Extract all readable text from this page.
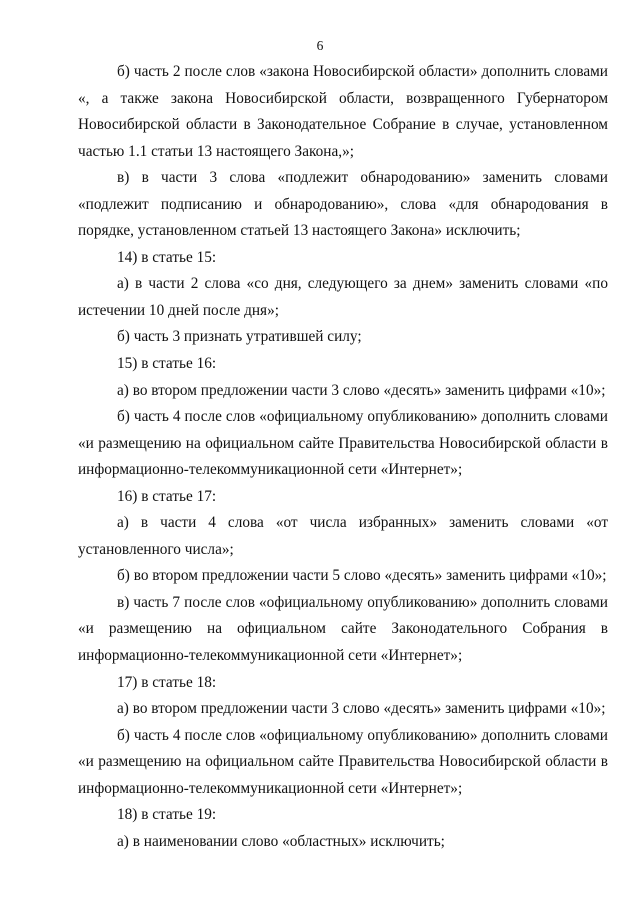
6

б) часть 2 после слов «закона Новосибирской области» дополнить словами «, а также закона Новосибирской области, возвращенного Губернатором Новосибирской области в Законодательное Собрание в случае, установленном частью 1.1 статьи 13 настоящего Закона,»;

в) в части 3 слова «подлежит обнародованию» заменить словами «подлежит подписанию и обнародованию», слова «для обнародования в порядке, установленном статьей 13 настоящего Закона» исключить;

14) в статье 15:

а) в части 2 слова «со дня, следующего за днем» заменить словами «по истечении 10 дней после дня»;

б) часть 3 признать утратившей силу;

15) в статье 16:

а) во втором предложении части 3 слово «десять» заменить цифрами «10»;

б) часть 4 после слов «официальному опубликованию» дополнить словами «и размещению на официальном сайте Правительства Новосибирской области в информационно-телекоммуникационной сети «Интернет»;

16) в статье 17:

а) в части 4 слова «от числа избранных» заменить словами «от установленного числа»;

б) во втором предложении части 5 слово «десять» заменить цифрами «10»;

в) часть 7 после слов «официальному опубликованию» дополнить словами «и размещению на официальном сайте Законодательного Собрания в информационно-телекоммуникационной сети «Интернет»;

17) в статье 18:

а) во втором предложении части 3 слово «десять» заменить цифрами «10»;

б) часть 4 после слов «официальному опубликованию» дополнить словами «и размещению на официальном сайте Правительства Новосибирской области в информационно-телекоммуникационной сети «Интернет»;

18) в статье 19:

а) в наименовании слово «областных» исключить;
